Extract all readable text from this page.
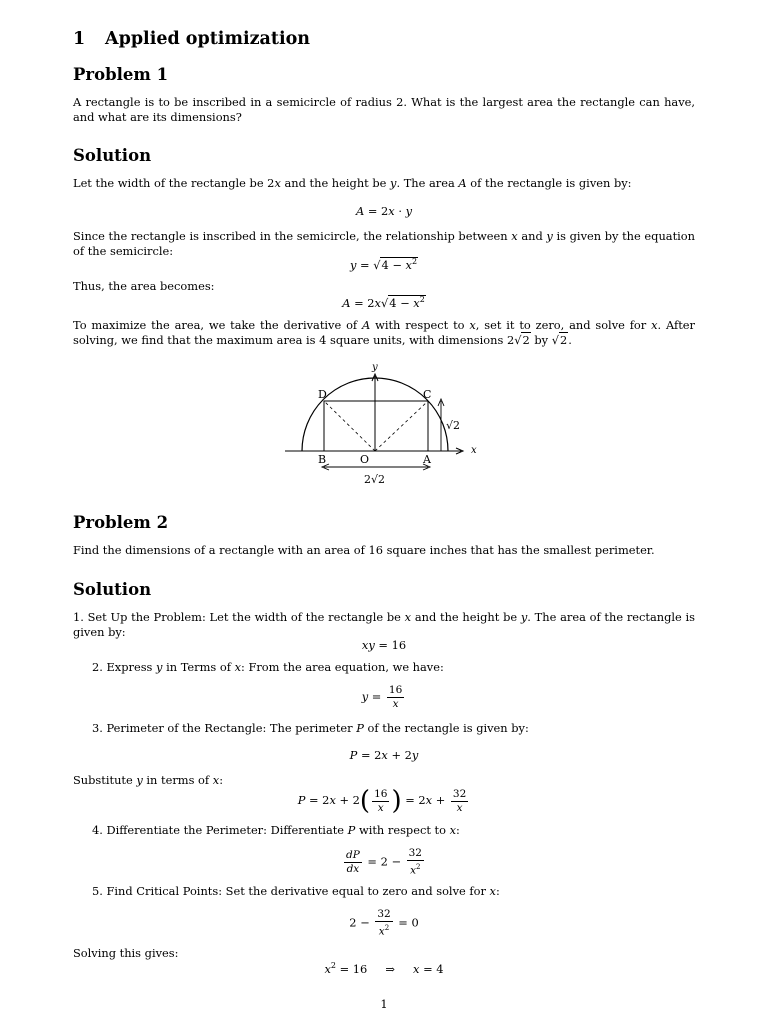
1 Applied optimization
Problem 1
A rectangle is to be inscribed in a semicircle of radius 2. What is the largest area the rectangle can have, and what are its dimensions?
Solution
Let the width of the rectangle be 2x and the height be y. The area A of the rectangle is given by:
A = 2x · y
Since the rectangle is inscribed in the semicircle, the relationship between x and y is given by the equation of the semicircle:
$y = √4 - x^2$
Thus, the area becomes:
$A = 2x√4 - x^2$
To maximize the area, we take the derivative of A with respect to x, set it to zero, and solve for x. After solving, we find that the maximum area is 4 square units, with dimensions 2√2 by √2.
D	C
B	O	A
x
y
√2
2√2
Problem 2
Find the dimensions of a rectangle with an area of 16 square inches that has the smallest perimeter.
Solution
1. Set Up the Problem: Let the width of the rectangle be x and the height be y. The area of the rectangle is given by:
xy = 16
2. Express y in Terms of x: From the area equation, we have:
$y = \frac{16}{x}$
3. Perimeter of the Rectangle: The perimeter P of the rectangle is given by:
P = 2x + 2y
Substitute y in terms of x:
$P = 2x + 2( \frac{16}{x}$ ) = $2x + \frac{32}{x}$
4. Differentiate the Perimeter: Differentiate P with respect to x:
$\frac{dP}{dx} = 2 - \frac{32}{x^2}$
5. Find Critical Points: Set the derivative equal to zero and solve for x:
$2 - \frac{32}{x^2} = 0$
Solving this gives:
$x^2 = 16$     ⇒     x = 4
1
